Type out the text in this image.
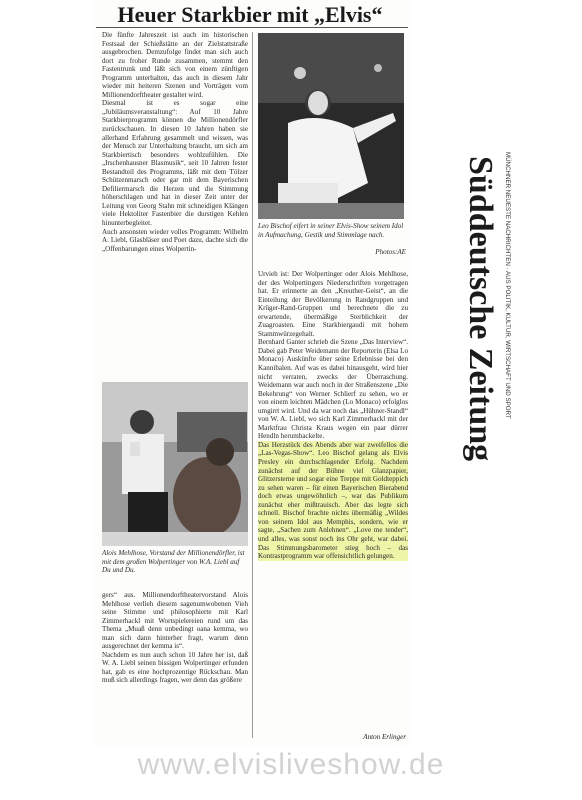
Heuer Starkbier mit „Elvis“

Die fünfte Jahreszeit ist auch im historischen Festsaal der Schießstätte an der Zielstattstraße ausgebrochen. Demzufolge findet man sich auch dort zu froher Runde zusammen, stemmt den Fastentrunk und läßt sich von einem zünftigen Programm unterhalten, das auch in diesem Jahr wieder mit heiteren Szenen und Vorträgen vom Millionendorftheater gestaltet wird.

Diesmal ist es sogar eine „Jubiläumsveranstaltung“: Auf 10 Jahre Starkbierprogramm können die Millionendörfler zurückschauen. In diesen 10 Jahren haben sie allerhand Erfahrung gesammelt und wissen, was der Mensch zur Unterhaltung braucht, um sich am Starkbiertisch besonders wohlzufühlen. Die „Irschenhausner Blasmusik“, seit 10 Jahren fester Bestandteil des Programms, läßt mit dem Tölzer Schützenmarsch oder gar mit dem Bayerischen Defiliermarsch die Herzen und die Stimmung höherschlagen und hat in dieser Zeit unter der Leitung von Georg Stahn mit schneidigen Klängen viele Hektoliter Fastenbier die durstigen Kehlen hinunterbegleitet.

Auch ansonsten wieder volles Programm: Wilhelm A. Liebl, Glasbläser und Poet dazu, dachte sich die „Offenbarungen eines Wolpertin-

Alois Mehlhose, Vorstand der Millionendörfler, ist mit dem großen Wolpertinger von W.A. Liebl auf Du und Du.

gers“ aus. Millionendorftheatervorstand Alois Mehlhose verlieh diesem sagenumwobenen Vieh seine Stimme und philosophierte mit Karl Zimmerhackl mit Wortspielereien rund um das Thema „Muaß denn unbedingt oana kemma, wo man sich dann hinterher fragt, warum denn ausgerechnet der kemma is“.

Nachdem es nun auch schon 10 Jahre her ist, daß W. A. Liebl seinen bissigen Wolpertinger erfunden hat, gab es eine hochprozentige Rückschau. Man muß sich allerdings fragen, wer denn das größere

Leo Bischof eifert in seiner Elvis-Show seinem Idol in Aufmachung, Gestik und Stimmlage nach.
Photos:AE

Urvieh ist: Der Wolpertinger oder Alois Mehlhose, der des Wolpertingers Niederschriften vorgetragen hat. Er erinnerte an den „Kreuther-Geist“, an die Einteilung der Bevölkerung in Randgruppen und Krüger-Rand-Gruppen und berechnete die zu erwartende, übermäßige Sterblichkeit der Zuagroasten. Eine Starkbiergaudi mit hohem Stammwürzegehalt.

Bernhard Ganter schrieb die Szene „Das Interview“. Dabei gab Peter Weidemann der Reporterin (Elsa Lo Monaco) Auskünfte über seine Erlebnisse bei den Kannibalen. Auf was es dabei hinausgeht, wird hier nicht verraten, zwecks der Überraschung. Weidemann war auch noch in der Straßenszene „Die Bekehrung“ von Werner Schlierf zu sehen, wo er von einem leichten Mädchen (Lo Monaco) erfolglos umgirrt wird. Und da war noch das „Hühner-Standl“ von W. A. Liebl, wo sich Karl Zimmerhackl mit der Marktfrau Christa Kraus wegen ein paar dürrer Hendln herumbackelte.

Das Herzstück des Abends aber war zweifellos die „Las-Vegas-Show“. Leo Bischof gelang als Elvis Presley ein durchschlagender Erfolg. Nachdem zunächst auf der Bühne viel Glanzpapier, Glitzersterne und sogar eine Treppe mit Goldteppich zu sehen waren – für einen Bayerischen Bierabend doch etwas ungewöhnlich –, war das Publikum zunächst eher mißtrauisch. Aber das legte sich schnell. Bischof brachte nichts übermäßig „Wildes von seinem Idol aus Memphis, sondern, wie er sagte, „Sachen zum Anlehnen“. „Love me tender“, und alles, was sonst noch ins Ohr geht, war dabei. Das Stimmungsbarometer stieg hoch – das Kontrastprogramm war offensichtlich gelungen.

Anton Erlinger
Süddeutsche Zeitung MÜNCHNER NEUESTE NACHRICHTEN · AUS POLITIK, KULTUR, WIRTSCHAFT UND SPORT
www.elvisliveshow.de
